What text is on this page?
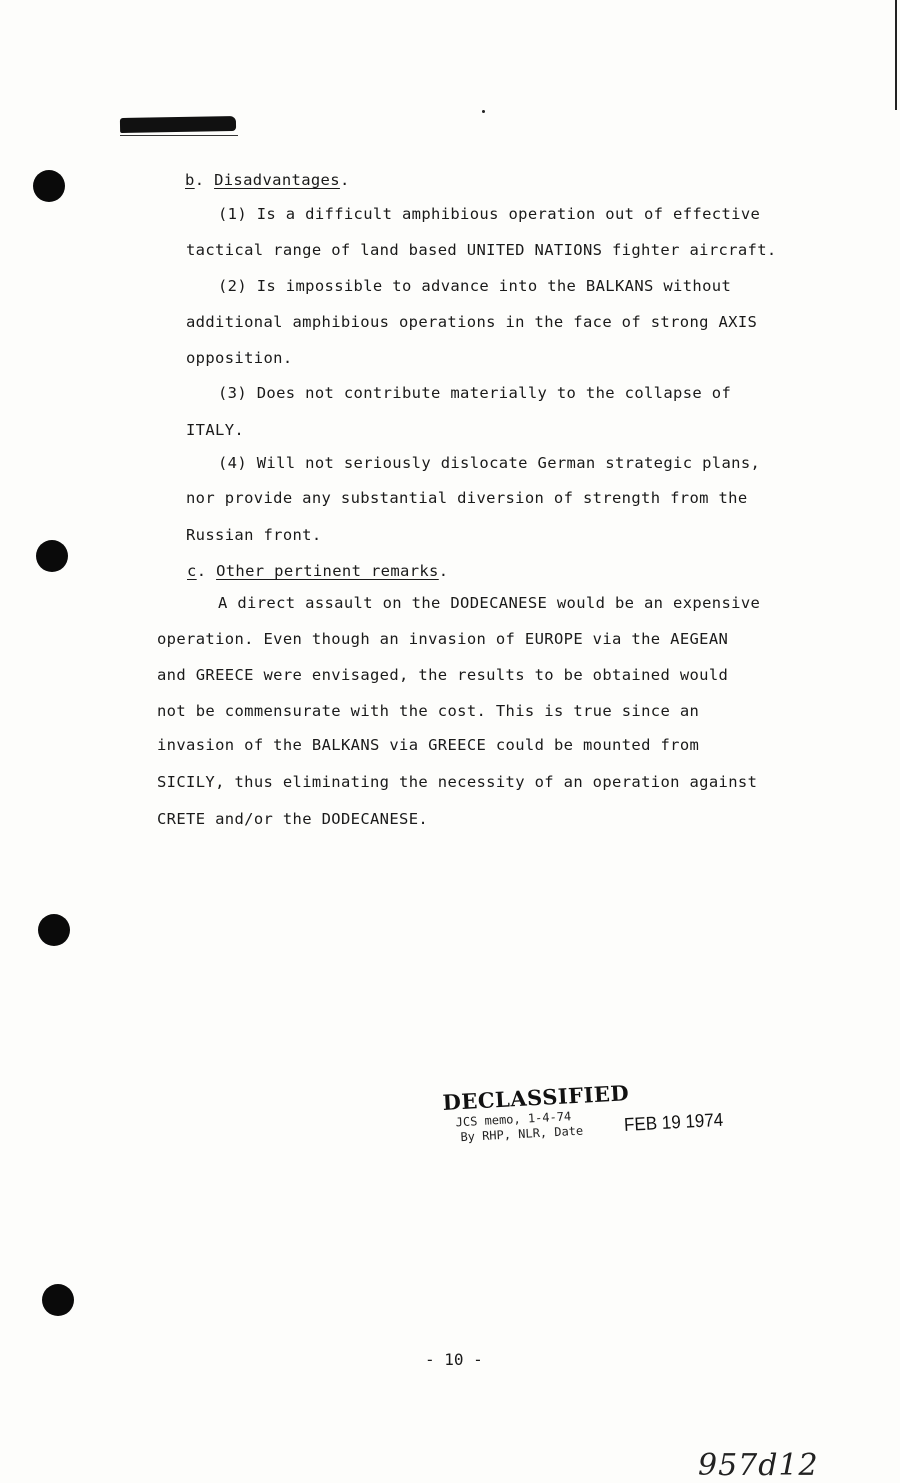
b. Disadvantages.
(1) Is a difficult amphibious operation out of effective
tactical range of land based UNITED NATIONS fighter aircraft.
(2) Is impossible to advance into the BALKANS without
additional amphibious operations in the face of strong AXIS
opposition.
(3) Does not contribute materially to the collapse of
ITALY.
(4) Will not seriously dislocate German strategic plans,
nor provide any substantial diversion of strength from the
Russian front.
c. Other pertinent remarks.
A direct assault on the DODECANESE would be an expensive
operation. Even though an invasion of EUROPE via the AEGEAN
and GREECE were envisaged, the results to be obtained would
not be commensurate with the cost. This is true since an
invasion of the BALKANS via GREECE could be mounted from
SICILY, thus eliminating the necessity of an operation against
CRETE and/or the DODECANESE.
DECLASSIFIED
JCS memo, 1-4-74
By RHP, NLR, Date FEB 19 1974
- 10 -
957d12
